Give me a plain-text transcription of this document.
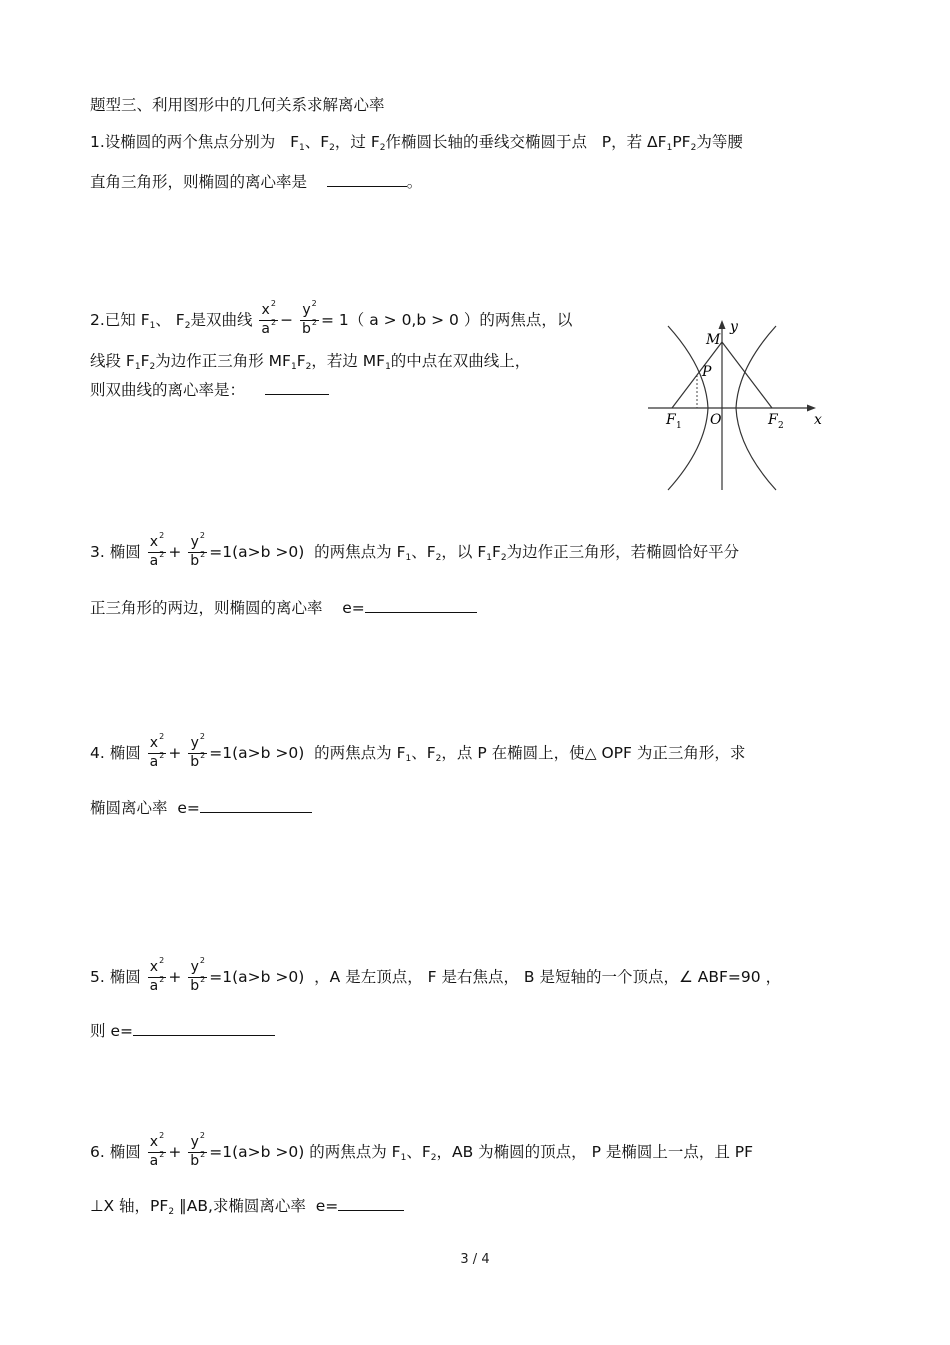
题型三、利用图形中的几何关系求解离心率
1.设椭圆的两个焦点分别为 F1、F2，过 F2作椭圆长轴的垂线交椭圆于点 P，若 ΔF1PF2为等腰
直角三角形，则椭圆的离心率是	。
2.已知 F1、 F2是双曲线 $\frac{x^2}{a^2} - \frac{y^2}{b^2} = 1$（ a > 0,b > 0 ）的两焦点，以
线段 F1F2为边作正三角形 MF1F2，若边 MF1的中点在双曲线上，
则双曲线的离心率是：
M
y
P
F 1 O	F 2 x
3. 椭圆 $\frac{x^2}{a^2} + \frac{y^2}{b^2} =1(a>b >0)$ 的两焦点为 F1、F2，以 F1F2为边作正三角形，若椭圆恰好平分
正三角形的两边，则椭圆的离心率 e=
4. 椭圆 $\frac{x^2}{a^2} + \frac{y^2}{b^2} =1(a>b >0)$ 的两焦点为 F1、F2，点 P 在椭圆上，使△ OPF 为正三角形，求
椭圆离心率 e=
5. 椭圆 $\frac{x^2}{a^2} + \frac{y^2}{b^2} =1(a>b >0)$ ，A 是左顶点， F 是右焦点， B 是短轴的一个顶点，∠ ABF=90 ，
则 e=
6. 椭圆 $\frac{x^2}{a^2} + \frac{y^2}{b^2} =1(a>b >0)$ 的两焦点为 F1、F2，AB 为椭圆的顶点， P 是椭圆上一点，且 PF
⊥X 轴，PF2 ∥AB,求椭圆离心率 e=
3 / 4
